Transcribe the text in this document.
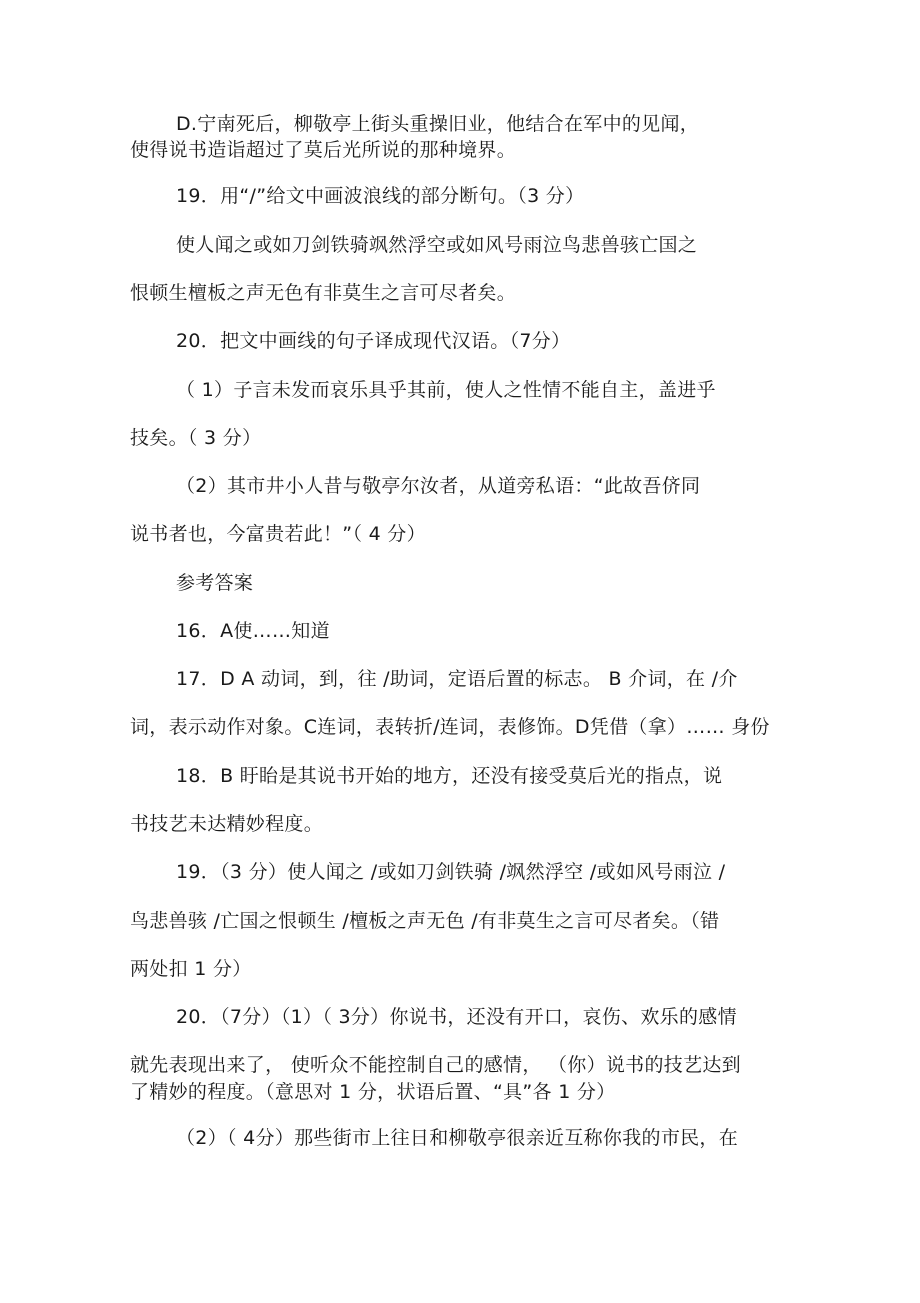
D.宁南死后，柳敬亭上街头重操旧业，他结合在军中的见闻，
使得说书造诣超过了莫后光所说的那种境界。
19．用“/”给文中画波浪线的部分断句。（3 分）
使人闻之或如刀剑铁骑飒然浮空或如风号雨泣鸟悲兽骇亡国之
恨顿生檀板之声无色有非莫生之言可尽者矣。
20．把文中画线的句子译成现代汉语。（7分）
（ 1）子言未发而哀乐具乎其前，使人之性情不能自主，盖进乎
技矣。（ 3 分）
（2）其市井小人昔与敬亭尔汝者，从道旁私语：“此故吾侪同
说书者也，今富贵若此！”（ 4 分）
参考答案
16．A使……知道
17．D A 动词，到，往 /助词，定语后置的标志。 B 介词，在 /介
词，表示动作对象。C连词，表转折/连词，表修饰。D凭借（拿）…… 身份
18．B 盱眙是其说书开始的地方，还没有接受莫后光的指点，说
书技艺未达精妙程度。
19．（3 分）使人闻之 /或如刀剑铁骑 /飒然浮空 /或如风号雨泣 /
鸟悲兽骇 /亡国之恨顿生 /檀板之声无色 /有非莫生之言可尽者矣。（错
两处扣 1 分）
20．（7分）（1）（ 3分）你说书，还没有开口，哀伤、欢乐的感情
就先表现出来了， 使听众不能控制自己的感情， （你）说书的技艺达到
了精妙的程度。（意思对 1 分，状语后置、“具”各 1 分）
（2）（ 4分）那些街市上往日和柳敬亭很亲近互称你我的市民，在
